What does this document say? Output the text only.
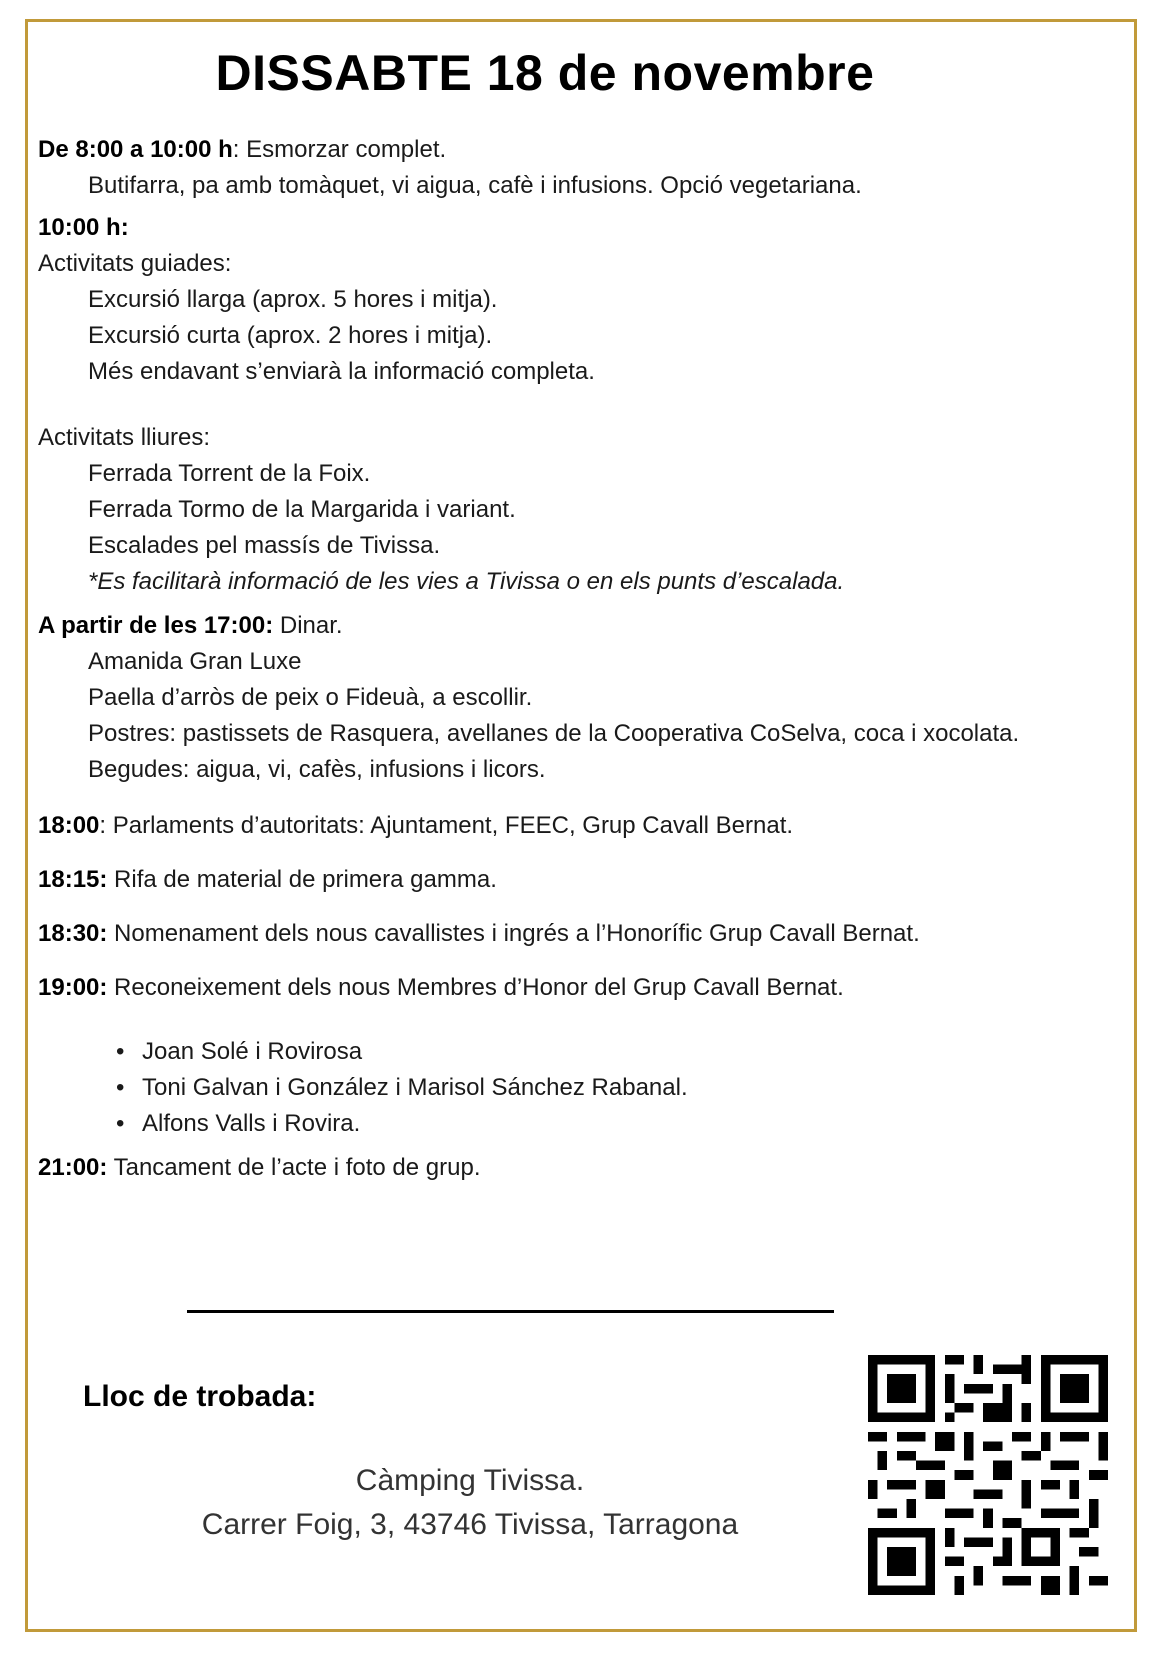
DISSABTE 18 de novembre

De 8:00 a 10:00 h: Esmorzar complet.

Butifarra, pa amb tomàquet, vi aigua, cafè i infusions. Opció vegetariana.

10:00 h:

Activitats guiades:

Excursió llarga (aprox. 5 hores i mitja).

Excursió curta (aprox. 2 hores i mitja).

Més endavant s’enviarà la informació completa.

Activitats lliures:

Ferrada Torrent de la Foix.

Ferrada Tormo de la Margarida i variant.

Escalades pel massís de Tivissa.

*Es facilitarà informació de les vies a Tivissa o en els punts d’escalada.

A partir de les 17:00: Dinar.

Amanida Gran Luxe

Paella d’arròs de peix o Fideuà, a escollir.

Postres: pastissets de Rasquera, avellanes de la Cooperativa CoSelva, coca i xocolata.

Begudes: aigua, vi, cafès, infusions i licors.

18:00: Parlaments d’autoritats: Ajuntament, FEEC, Grup Cavall Bernat.

18:15: Rifa de material de primera gamma.

18:30: Nomenament dels nous cavallistes i ingrés a l’Honorífic Grup Cavall Bernat.

19:00: Reconeixement dels nous Membres d’Honor del Grup Cavall Bernat.

• Joan Solé i Rovirosa
• Toni Galvan i González i Marisol Sánchez Rabanal.
• Alfons Valls i Rovira.

21:00: Tancament de l’acte i foto de grup.

Lloc de trobada:
Càmping Tivissa.
Carrer Foig, 3, 43746 Tivissa, Tarragona
